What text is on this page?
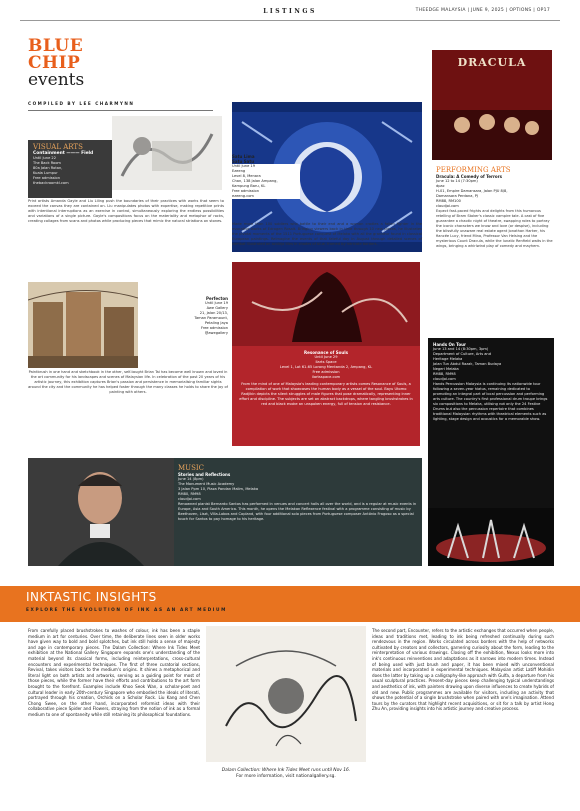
LISTINGS	THEEDGE MALAYSIA | JUNE 9, 2025 | OPTIONS | OP17
BLUE
CHIP
events
COMPILED BY LEE CHARMYNN
VISUAL ARTS
Containment ——— Field
Until June 22
The Back Room
80a Jalan Rotan,
Kuala Lumpur
Free admission
thebackroomkl.com
Print artists Amanda Gayle and Liu Liling push the boundaries of their practices with works that seem to exceed the canvas they are contained on. Liu manipulates photos with expertise, making repetitive prints with intentional interruptions as an exercise in control, simultaneously exploring the endless possibilities and variations of a single picture. Gayle's compositions focus on the materiality and metaphor of rocks, creating collages from scans and photos while producing pieces that mimic the natural striations on stones.
Satu Lima
Satu Satu
Until June 19
Ezeeng
Level 8, Menara
Chan, 138 Jalan Ampang,
Kampung Baru, KL
Free admission
ezeeng.com
Made more than 100 soldiers who battle to their end and a woman cradles a fallen fighter in the evocative works of Edrogen Rosalt. Bringing viewers back in time through 10 new pieces, he illustrates the pivotal moments of the 1511 Portuguese conquest of Melaka with all the grandeur found in classical European paintings. Reimagine the events of that fateful day in August through detailed scenes of combat illustrated on azulejo tiles in shades of blue, framed by intricate borders.
DRACULA
PERFORMING ARTS
Dracula: A Comedy of Terrors
June 12 to 14 (7:30pm)
dpac
H-01, Empire Damansara, Jalan PJU 8/8,
Damansara Perdana, PJ
RM88, RM100
cloudjoi.com
Expect fast-paced frights and delights from this humorous retelling of Bram Stoker's classic vampire tale. A cast of five guarantee a chaotic night of theatre, swapping roles to portray the iconic characters we know and love (or despise), including the blissfully unaware real estate agent Jonathan Harker, his fiancée Lucy, friend Mina, Professor Van Helsing and the mysterious Count Dracula, while the lunatic Renfield waits in the wings, bringing a whirlwind play of comedy and mayhem.
Perfecton
Until June 19
Awe Gallery
21, Jalan 20/13,
Taman Paramount,
Petaling Jaya
Free admission
@awegallery
Paintbrush in one hand and sketchbook in the other, self-taught Brian Tai has become well known and loved in the art community for his landscapes and scenes of Malaysian life. In celebration of the past 20 years of his artistic journey, this exhibition captures Brian's passion and persistence in memorialising familiar sights around the city and the community he has helped foster through the many classes he holds to share the joy of painting with others.
Resonance of Souls
Until June 29
Ilarts Space
Level 1, Lot 61-65 Lorong Mentanda 2, Ampang, KL
Free admission
ilartsspace.com
From the mind of one of Malaysia's leading contemporary artists comes Resonance of Souls, a compilation of work that showcases the human body as a vessel of the soul. Bayu Utomo Radjikin depicts the silent struggles of male figures that pose dramatically, representing inner effort and discipline. The subjects are set on abstract backdrops, where tangling brushstrokes in red and black evoke an unspoken energy, full of tension and resistance.
Hands On Tour
June 13 and 14 (8:30pm, 3pm)
Department of Culture, Arts and
Heritage Melaka
Jalan Tun Abdul Razak, Taman Budaya
Negeri Melaka
RM88, RM98
cloudjoi.com
Hands Percussion Malaysia is continuing its nationwide tour following a seven-year hiatus, remaining dedicated to promoting an integral part of local percussion and performing arts culture. The country's first professional drum troupe brings six compositions to Melaka, utilising not only the 24 Festive Drums but also the percussion repertoire that combines traditional Malaysian rhythms with theatrical elements such as lighting, stage design and acoustics for a memorable show.
MUSIC
Stories and Reflections
June 14 (8pm)
The Monument Music Academy
3 Jalan Ppm 10, Plaza Pandan Malim, Melaka
RM80, RM98
cloudjoi.com
Renowned pianist Bernardo Santos has performed in venues and concert halls all over the world, and is a regular at music events in Europe, Asia and South America. This month, he opens the Melakan Reflexence festival with a programme consisting of music by Beethoven, Liszt, Villa-Lobos and Copland, with four additional solo pieces from Portuguese composer António Fragoso as a special touch for Santos to pay homage to his heritage.
INKTASTIC INSIGHTS
EXPLORE THE EVOLUTION OF INK AS AN ART MEDIUM
From carefully placed brushstrokes to washes of colour, ink has been a staple medium in art for centuries. Over time, the deliberate lines seen in older works have given way to bold and bold splotches, but ink still holds a sense of majesty and age in contemporary pieces. The Dalam Collection: Where Ink Tides Meet exhibition at the National Gallery Singapore expands one's understanding of the material beyond its classical forms, including reinterpretations, cross-cultural encounters and experimental techniques. The first of three curatorial sections, Revival, takes visitors back to the medium's origins. It shines a metaphorical and literal light on both artists and artworks, serving as a guiding point for most of those pieces, while the former have their efforts and contributions to the art form brought to the forefront. Examples include Khoo Seok Wan, a scholar-poet and cultural leader in early 20th-century Singapore who embodied the ideals of literati, portrayed through his creation, Orchids on a Scholar Rock. Liu Kang and Chen Chong Swee, on the other hand, incorporated reformist ideas with their collaborative piece Spider and Flowers, straying from the notion of ink as a formal medium to one of spontaneity while still retaining its philosophical foundations.
Dalam Collection: Where Ink Tides Meet runs until Nov 16.
For more information, visit nationalgallery.sg.
The second part, Encounter, refers to the artistic exchanges that occurred when people, ideas and traditions met, leading to ink being refreshed continually during such rendezvous in the region. Works circulated across borders with the help of networks cultivated by creators and collectors, garnering curiosity about the form, leading to the reinterpretation of various drawings. Closing off the exhibition, Nexus looks more into ink's continuous reinventions and adaptations as it narrows into modern times. Instead of being used with just brush and paper, it has been mixed with unconventional materials and incorporated in experimental techniques. Malaysian artist Latiff Mohidin does the latter by taking up a calligraphy-like approach with Gulfa, a departure from his usual sculptural practices. Present-day pieces keep challenging typical understandings and aesthetics of ink, with painters drawing upon diverse influences to create hybrids of old and new. Public programmes are available for visitors, including an activity that shows the potential of a single brushstroke when paired with one's imagination. Attend tours by the curators that highlight recent acquisitions, or sit for a talk by artist Hong Zhu An, providing insights into his artistic journey and creative process.
